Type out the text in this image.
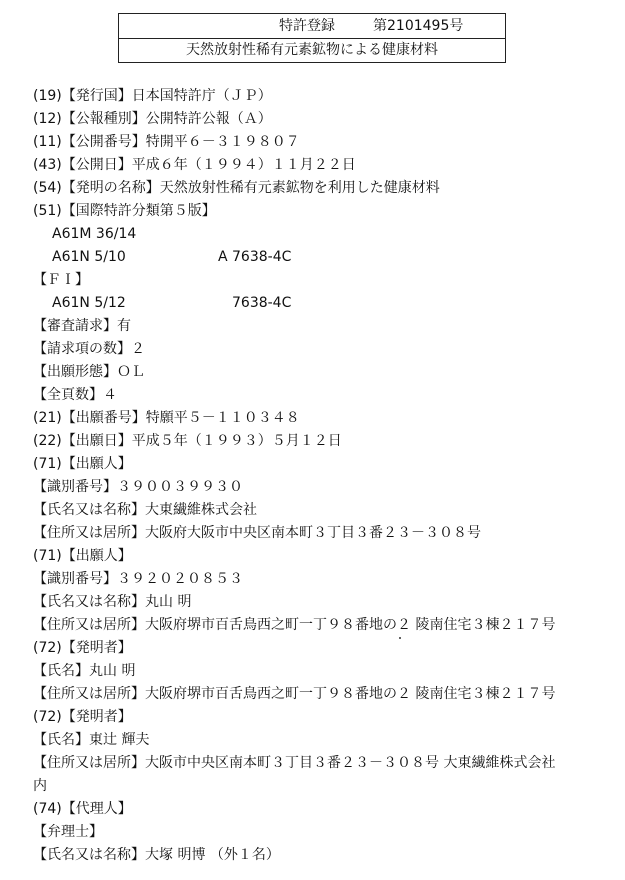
特許登録	第2101495号
天然放射性稀有元素鉱物による健康材料
(19)【発行国】日本国特許庁（ＪＰ）
(12)【公報種別】公開特許公報（Ａ）
(11)【公開番号】特開平６－３１９８０７
(43)【公開日】平成６年（１９９４）１１月２２日
(54)【発明の名称】天然放射性稀有元素鉱物を利用した健康材料
(51)【国際特許分類第５版】
A61M 36/14
A61N 5/10	A 7638-4C
【ＦＩ】
A61N 5/12	7638-4C
【審査請求】有
【請求項の数】２
【出願形態】ＯＬ
【全頁数】４
(21)【出願番号】特願平５－１１０３４８
(22)【出願日】平成５年（１９９３）５月１２日
(71)【出願人】
【識別番号】３９００３９９３０
【氏名又は名称】大東繊維株式会社
【住所又は居所】大阪府大阪市中央区南本町３丁目３番２３－３０８号
(71)【出願人】
【識別番号】３９２０２０８５３
【氏名又は名称】丸山 明
【住所又は居所】大阪府堺市百舌鳥西之町一丁９８番地の２ 陵南住宅３棟２１７号
(72)【発明者】
【氏名】丸山 明
【住所又は居所】大阪府堺市百舌鳥西之町一丁９８番地の２ 陵南住宅３棟２１７号
(72)【発明者】
【氏名】東辻 輝夫
【住所又は居所】大阪市中央区南本町３丁目３番２３－３０８号 大東繊維株式会社
内
(74)【代理人】
【弁理士】
【氏名又は名称】大塚 明博 （外１名）
